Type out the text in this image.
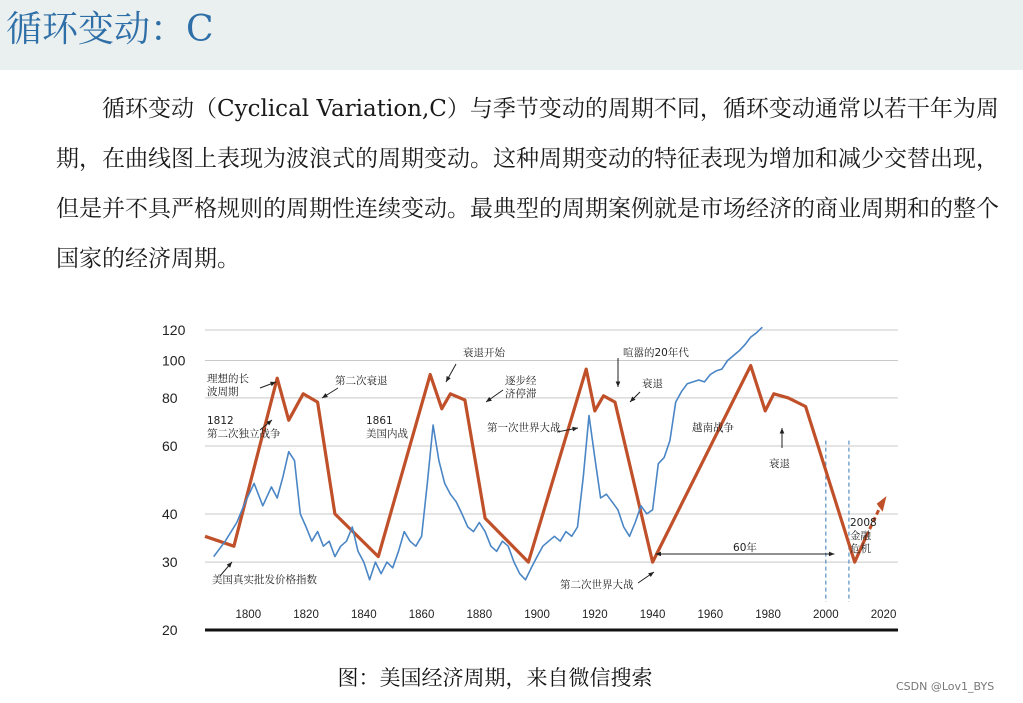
循环变动：C
循环变动（Cyclical Variation,C）与季节变动的周期不同，循环变动通常以若干年为周期，在曲线图上表现为波浪式的周期变动。这种周期变动的特征表现为增加和减少交替出现，但是并不具严格规则的周期性连续变动。最典型的周期案例就是市场经济的商业周期和的整个国家的经济周期。
20
30
40
60
80
100
120
1800	1820	1840	1860	1880	1900	1920	1940	1960	1980	2000	2020
理想的长波周期
1812 第二次独立战争
第二次衰退
美国真实批发价格指数
1861 美国内战
衰退开始
逐步经济停滞
第一次世界大战
第二次世界大战
喧嚣的20年代
衰退
越南战争
衰退
2008 金融危机
60年
图：美国经济周期，来自微信搜索	CSDN @Lov1_BYS
